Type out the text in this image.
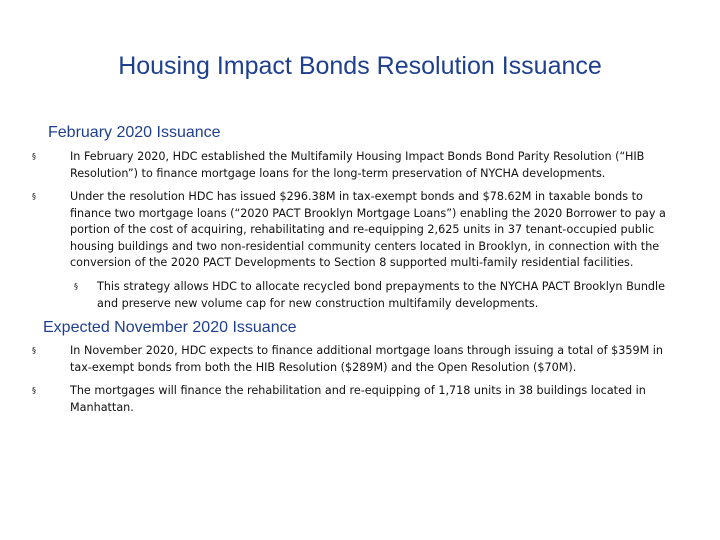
Housing Impact Bonds Resolution Issuance
February 2020 Issuance
§	In February 2020, HDC established the Multifamily Housing Impact Bonds Bond Parity Resolution (“HIB Resolution”) to finance mortgage loans for the long-term preservation of NYCHA developments.
§	Under the resolution HDC has issued $296.38M in tax-exempt bonds and $78.62M in taxable bonds to finance two mortgage loans (“2020 PACT Brooklyn Mortgage Loans”) enabling the 2020 Borrower to pay a portion of the cost of acquiring, rehabilitating and re-equipping 2,625 units in 37 tenant-occupied public housing buildings and two non-residential community centers located in Brooklyn, in connection with the conversion of the 2020 PACT Developments to Section 8 supported multi-family residential facilities.
§ This strategy allows HDC to allocate recycled bond prepayments to the NYCHA PACT Brooklyn Bundle and preserve new volume cap for new construction multifamily developments.
Expected November 2020 Issuance
§	In November 2020, HDC expects to finance additional mortgage loans through issuing a total of $359M in tax-exempt bonds from both the HIB Resolution ($289M) and the Open Resolution ($70M).
§	The mortgages will finance the rehabilitation and re-equipping of 1,718 units in 38 buildings located in Manhattan.
